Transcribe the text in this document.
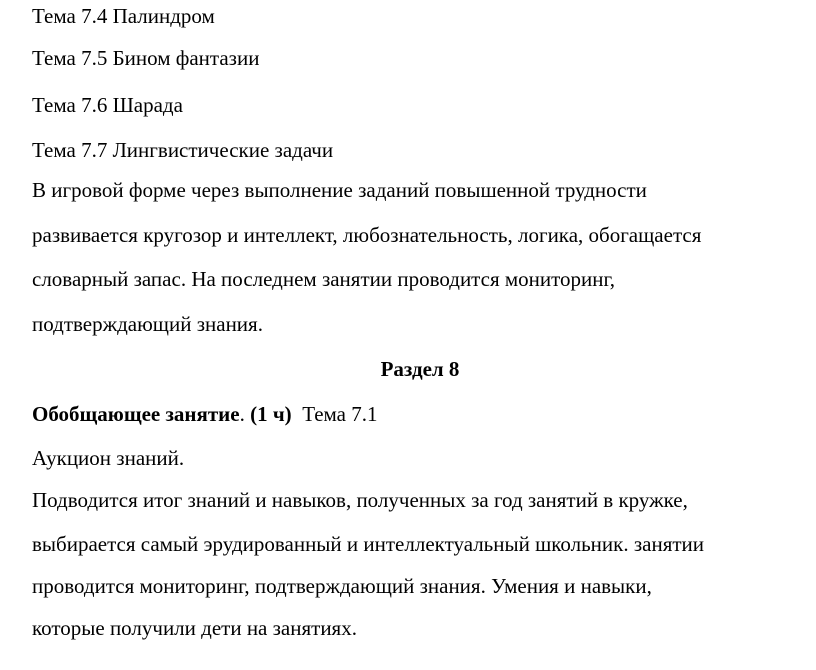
Тема 7.4 Палиндром
Тема 7.5 Бином фантазии
Тема 7.6 Шарада
Тема 7.7 Лингвистические задачи
В игровой форме через выполнение заданий повышенной трудности
развивается кругозор и интеллект, любознательность, логика, обогащается
словарный запас. На последнем занятии проводится мониторинг,
подтверждающий знания.
Раздел 8
Обобщающее занятие. (1 ч) Тема 7.1
Аукцион знаний.
Подводится итог знаний и навыков, полученных за год занятий в кружке,
выбирается самый эрудированный и интеллектуальный школьник. занятии
проводится мониторинг, подтверждающий знания. Умения и навыки,
которые получили дети на занятиях.
